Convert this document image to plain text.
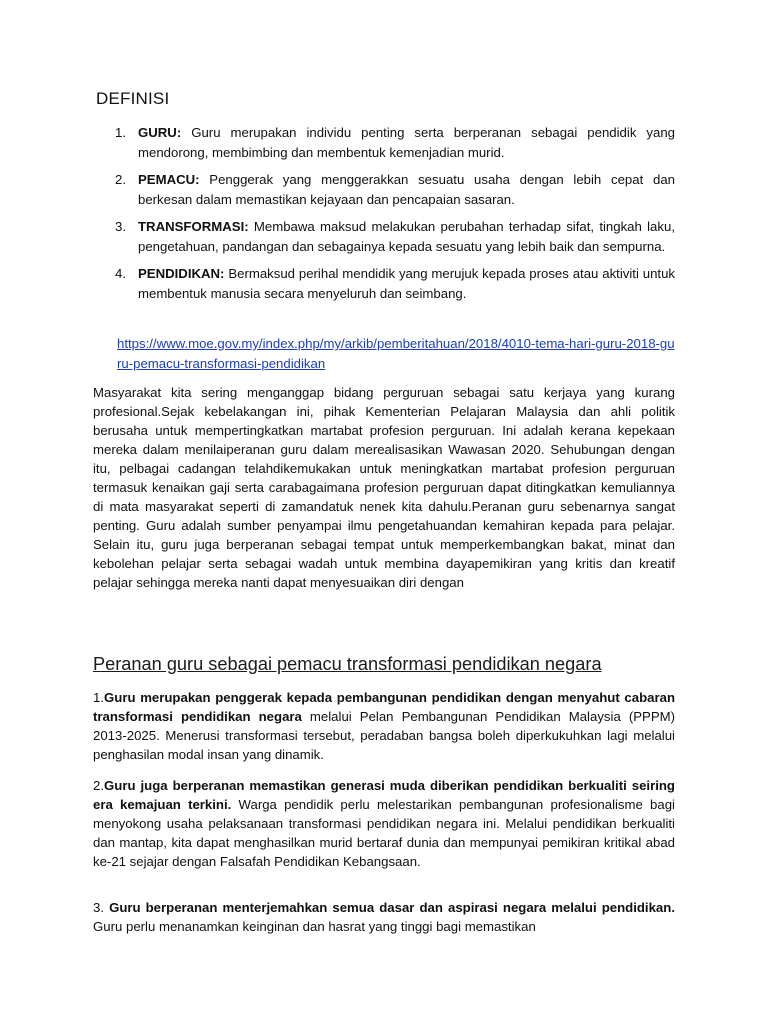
DEFINISI
1. GURU: Guru merupakan individu penting serta berperanan sebagai pendidik yang mendorong, membimbing dan membentuk kemenjadian murid.
2. PEMACU: Penggerak yang menggerakkan sesuatu usaha dengan lebih cepat dan berkesan dalam memastikan kejayaan dan pencapaian sasaran.
3. TRANSFORMASI: Membawa maksud melakukan perubahan terhadap sifat, tingkah laku, pengetahuan, pandangan dan sebagainya kepada sesuatu yang lebih baik dan sempurna.
4. PENDIDIKAN: Bermaksud perihal mendidik yang merujuk kepada proses atau aktiviti untuk membentuk manusia secara menyeluruh dan seimbang.
https://www.moe.gov.my/index.php/my/arkib/pemberitahuan/2018/4010-tema-hari-guru-2018-guru-pemacu-transformasi-pendidikan

Masyarakat kita sering menganggap bidang perguruan sebagai satu kerjaya yang kurang profesional.Sejak kebelakangan ini, pihak Kementerian Pelajaran Malaysia dan ahli politik berusaha untuk mempertingkatkan martabat profesion perguruan. Ini adalah kerana kepekaan mereka dalam menilaiperanan guru dalam merealisasikan Wawasan 2020. Sehubungan dengan itu, pelbagai cadangan telahdikemukakan untuk meningkatkan martabat profesion perguruan termasuk kenaikan gaji serta carabagaimana profesion perguruan dapat ditingkatkan kemuliannya di mata masyarakat seperti di zamandatuk nenek kita dahulu.Peranan guru sebenarnya sangat penting. Guru adalah sumber penyampai ilmu pengetahuandan kemahiran kepada para pelajar. Selain itu, guru juga berperanan sebagai tempat untuk memperkembangkan bakat, minat dan kebolehan pelajar serta sebagai wadah untuk membina dayapemikiran yang kritis dan kreatif pelajar sehingga mereka nanti dapat menyesuaikan diri dengan

Peranan guru sebagai pemacu transformasi pendidikan negara

1.Guru merupakan penggerak kepada pembangunan pendidikan dengan menyahut cabaran transformasi pendidikan negara melalui Pelan Pembangunan Pendidikan Malaysia (PPPM) 2013-2025. Menerusi transformasi tersebut, peradaban bangsa boleh diperkukuhkan lagi melalui penghasilan modal insan yang dinamik.

2.Guru juga berperanan memastikan generasi muda diberikan pendidikan berkualiti seiring era kemajuan terkini. Warga pendidik perlu melestarikan pembangunan profesionalisme bagi menyokong usaha pelaksanaan transformasi pendidikan negara ini. Melalui pendidikan berkualiti dan mantap, kita dapat menghasilkan murid bertaraf dunia dan mempunyai pemikiran kritikal abad ke-21 sejajar dengan Falsafah Pendidikan Kebangsaan.

3. Guru berperanan menterjemahkan semua dasar dan aspirasi negara melalui pendidikan. Guru perlu menanamkan keinginan dan hasrat yang tinggi bagi memastikan
